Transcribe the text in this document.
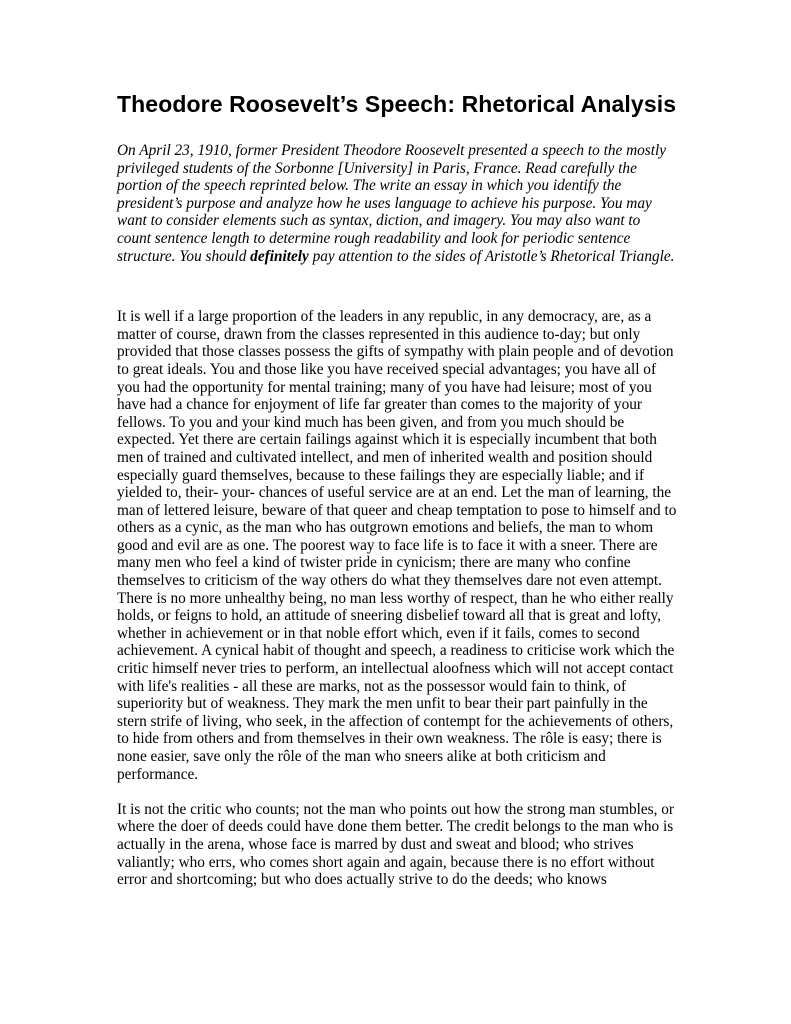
Theodore Roosevelt’s Speech: Rhetorical Analysis

On April 23, 1910, former President Theodore Roosevelt presented a speech to the mostly privileged students of the Sorbonne [University] in Paris, France. Read carefully the portion of the speech reprinted below. The write an essay in which you identify the president’s purpose and analyze how he uses language to achieve his purpose. You may want to consider elements such as syntax, diction, and imagery. You may also want to count sentence length to determine rough readability and look for periodic sentence structure. You should definitely pay attention to the sides of Aristotle’s Rhetorical Triangle.

It is well if a large proportion of the leaders in any republic, in any democracy, are, as a matter of course, drawn from the classes represented in this audience to-day; but only provided that those classes possess the gifts of sympathy with plain people and of devotion to great ideals. You and those like you have received special advantages; you have all of you had the opportunity for mental training; many of you have had leisure; most of you have had a chance for enjoyment of life far greater than comes to the majority of your fellows. To you and your kind much has been given, and from you much should be expected. Yet there are certain failings against which it is especially incumbent that both men of trained and cultivated intellect, and men of inherited wealth and position should especially guard themselves, because to these failings they are especially liable; and if yielded to, their- your- chances of useful service are at an end. Let the man of learning, the man of lettered leisure, beware of that queer and cheap temptation to pose to himself and to others as a cynic, as the man who has outgrown emotions and beliefs, the man to whom good and evil are as one. The poorest way to face life is to face it with a sneer. There are many men who feel a kind of twister pride in cynicism; there are many who confine themselves to criticism of the way others do what they themselves dare not even attempt. There is no more unhealthy being, no man less worthy of respect, than he who either really holds, or feigns to hold, an attitude of sneering disbelief toward all that is great and lofty, whether in achievement or in that noble effort which, even if it fails, comes to second achievement. A cynical habit of thought and speech, a readiness to criticise work which the critic himself never tries to perform, an intellectual aloofness which will not accept contact with life's realities - all these are marks, not as the possessor would fain to think, of superiority but of weakness. They mark the men unfit to bear their part painfully in the stern strife of living, who seek, in the affection of contempt for the achievements of others, to hide from others and from themselves in their own weakness. The rôle is easy; there is none easier, save only the rôle of the man who sneers alike at both criticism and performance.

It is not the critic who counts; not the man who points out how the strong man stumbles, or where the doer of deeds could have done them better. The credit belongs to the man who is actually in the arena, whose face is marred by dust and sweat and blood; who strives valiantly; who errs, who comes short again and again, because there is no effort without error and shortcoming; but who does actually strive to do the deeds; who knows
